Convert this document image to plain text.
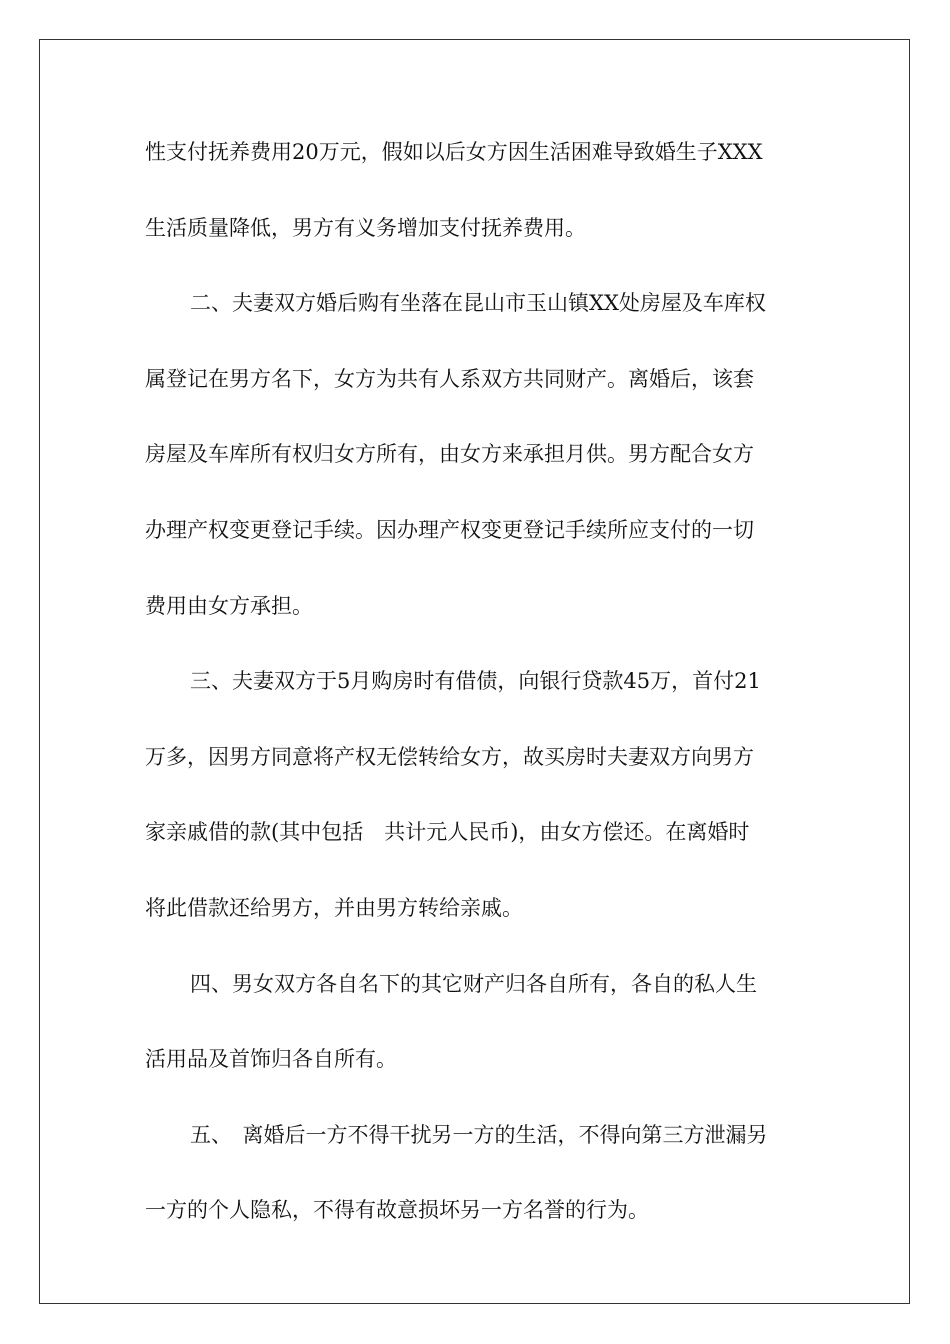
性支付抚养费用20万元，假如以后女方因生活困难导致婚生子XXX
生活质量降低，男方有义务增加支付抚养费用。
二、夫妻双方婚后购有坐落在昆山市玉山镇XX处房屋及车库权
属登记在男方名下，女方为共有人系双方共同财产。离婚后，该套
房屋及车库所有权归女方所有，由女方来承担月供。男方配合女方
办理产权变更登记手续。因办理产权变更登记手续所应支付的一切
费用由女方承担。
三、夫妻双方于5月购房时有借债，向银行贷款45万，首付21
万多，因男方同意将产权无偿转给女方，故买房时夫妻双方向男方
家亲戚借的款(其中包括　共计元人民币)，由女方偿还。在离婚时
将此借款还给男方，并由男方转给亲戚。
四、男女双方各自名下的其它财产归各自所有，各自的私人生
活用品及首饰归各自所有。
五、　离婚后一方不得干扰另一方的生活，不得向第三方泄漏另
一方的个人隐私，不得有故意损坏另一方名誉的行为。
